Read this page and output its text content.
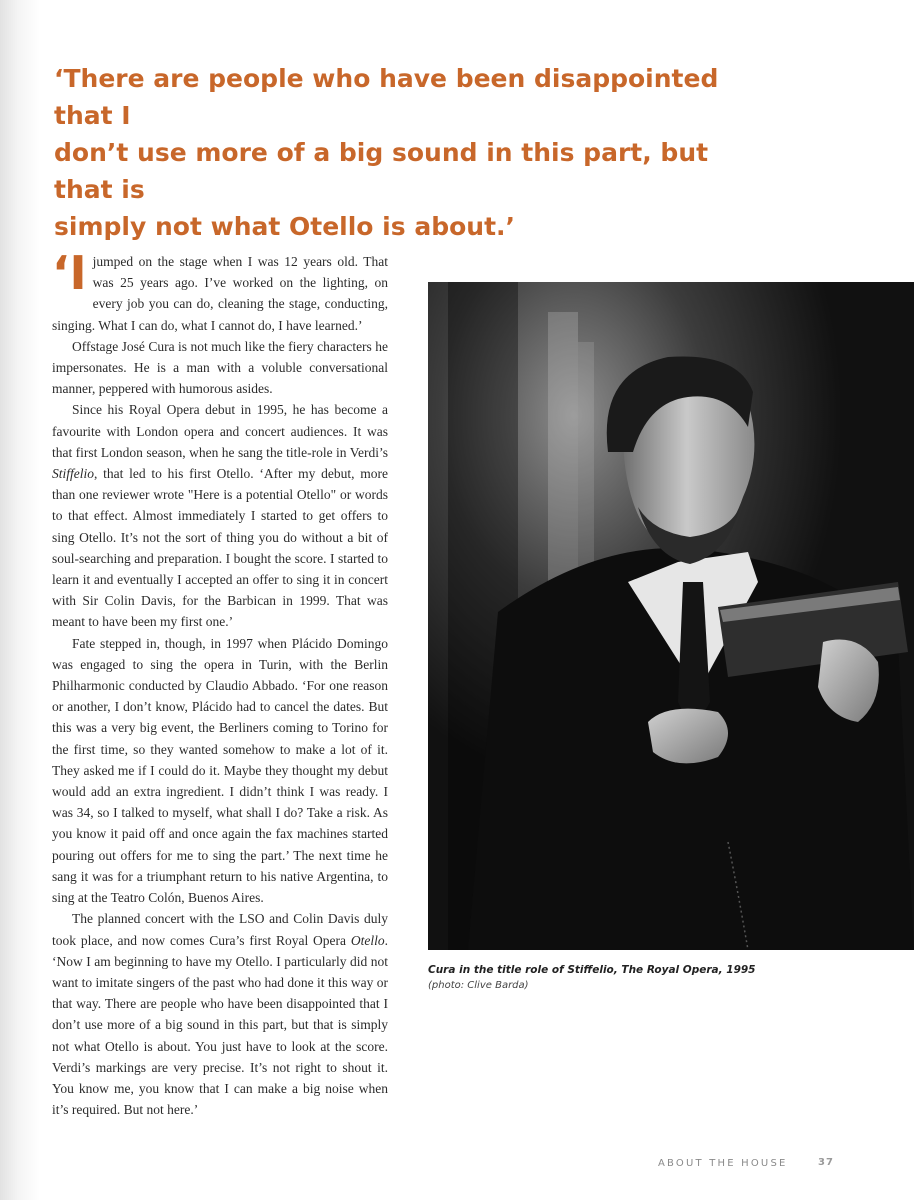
‘There are people who have been disappointed that I
don’t use more of a big sound in this part, but that is
simply not what Otello is about.’

‘Ijumped on the stage when I was 12 years old. That was 25 years ago. I’ve worked on the lighting, on every job you can do, cleaning the stage, conducting, singing. What I can do, what I cannot do, I have learned.’

Offstage José Cura is not much like the fiery characters he impersonates. He is a man with a voluble conversational manner, peppered with humorous asides.

Since his Royal Opera debut in 1995, he has become a favourite with London opera and concert audiences. It was that first London season, when he sang the title-role in Verdi’s Stiffelio, that led to his first Otello. ‘After my debut, more than one reviewer wrote "Here is a potential Otello" or words to that effect. Almost immediately I started to get offers to sing Otello. It’s not the sort of thing you do without a bit of soul-searching and preparation. I bought the score. I started to learn it and eventually I accepted an offer to sing it in concert with Sir Colin Davis, for the Barbican in 1999. That was meant to have been my first one.’

Fate stepped in, though, in 1997 when Plácido Domingo was engaged to sing the opera in Turin, with the Berlin Philharmonic conducted by Claudio Abbado. ‘For one reason or another, I don’t know, Plácido had to cancel the dates. But this was a very big event, the Berliners coming to Torino for the first time, so they wanted somehow to make a lot of it. They asked me if I could do it. Maybe they thought my debut would add an extra ingredient. I didn’t think I was ready. I was 34, so I talked to myself, what shall I do? Take a risk. As you know it paid off and once again the fax machines started pouring out offers for me to sing the part.’ The next time he sang it was for a triumphant return to his native Argentina, to sing at the Teatro Colón, Buenos Aires.

The planned concert with the LSO and Colin Davis duly took place, and now comes Cura’s first Royal Opera Otello. ‘Now I am beginning to have my Otello. I particularly did not want to imitate singers of the past who had done it this way or that way. There are people who have been disappointed that I don’t use more of a big sound in this part, but that is simply not what Otello is about. You just have to look at the score. Verdi’s markings are very precise. It’s not right to shout it. You know me, you know that I can make a big noise when it’s required. But not here.’

Cura in the title role of Stiffelio, The Royal Opera, 1995
(photo: Clive Barda)
ABOUT THE HOUSE	37
